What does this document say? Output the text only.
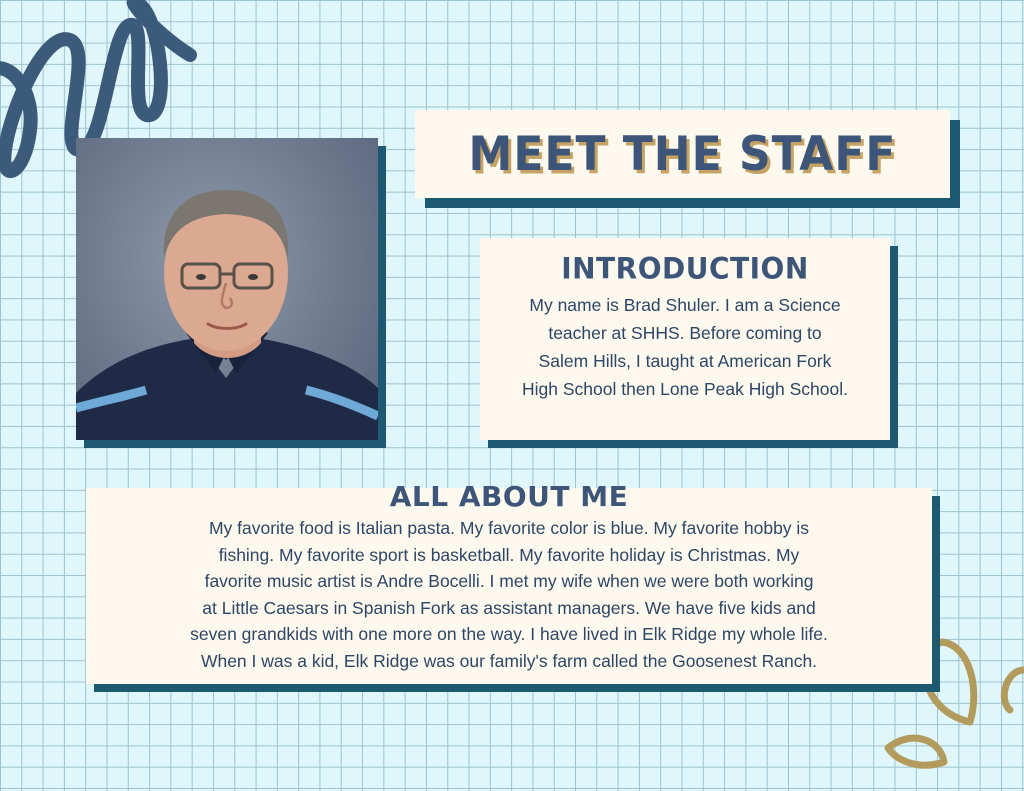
MEET THE STAFF
INTRODUCTION

My name is Brad Shuler. I am a Science
teacher at SHHS. Before coming to
Salem Hills, I taught at American Fork
High School then Lone Peak High School.

ALL ABOUT ME

My favorite food is Italian pasta. My favorite color is blue. My favorite hobby is
fishing. My favorite sport is basketball. My favorite holiday is Christmas. My
favorite music artist is Andre Bocelli. I met my wife when we were both working
at Little Caesars in Spanish Fork as assistant managers. We have five kids and
seven grandkids with one more on the way. I have lived in Elk Ridge my whole life.
When I was a kid, Elk Ridge was our family's farm called the Goosenest Ranch.
